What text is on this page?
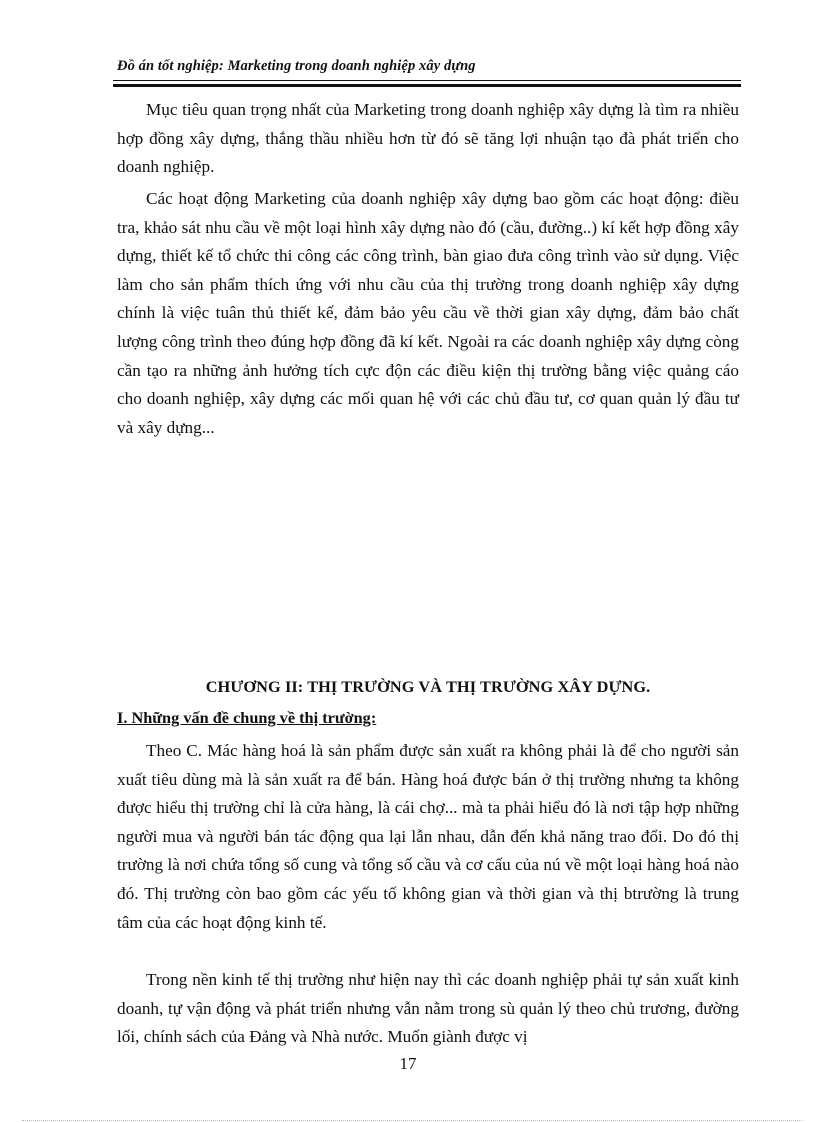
Đồ án tốt nghiệp: Marketing trong doanh nghiệp xây dựng

Mục tiêu quan trọng nhất của Marketing trong doanh nghiệp xây dựng là tìm ra nhiều hợp đồng xây dựng, thắng thầu nhiều hơn từ đó sẽ tăng lợi nhuận tạo đà phát triển cho doanh nghiệp.

Các hoạt động Marketing của doanh nghiệp xây dựng bao gồm các hoạt động: điều tra, khảo sát nhu cầu về một loại hình xây dựng nào đó (cầu, đường..) kí kết hợp đồng xây dựng, thiết kế tổ chức thi công các công trình, bàn giao đưa công trình vào sử dụng. Việc làm cho sản phẩm thích ứng với nhu cầu của thị trường trong doanh nghiệp xây dựng chính là việc tuân thủ thiết kế, đảm bảo yêu cầu về thời gian xây dựng, đảm bảo chất lượng công trình theo đúng hợp đồng đã kí kết. Ngoài ra các doanh nghiệp xây dựng còng cần tạo ra những ảnh hưởng tích cực độn các điều kiện thị trường bằng việc quảng cáo cho doanh nghiệp, xây dựng các mối quan hệ với các chủ đầu tư, cơ quan quản lý đầu tư và xây dựng...

CHƯƠNG II: THỊ TRƯỜNG VÀ THỊ TRƯỜNG XÂY DỰNG.
I. Những vấn đề chung về thị trường:

Theo C. Mác hàng hoá là sản phẩm được sản xuất ra không phải là để cho người sản xuất tiêu dùng mà là sản xuất ra để bán. Hàng hoá được bán ở thị trường nhưng ta không được hiểu thị trường chỉ là cửa hàng, là cái chợ... mà ta phải hiểu đó là nơi tập hợp những người mua và người bán tác động qua lại lẫn nhau, dẫn đến khả năng trao đổi. Do đó thị trường là nơi chứa tổng số cung và tổng số cầu và cơ cấu của nú về một loại hàng hoá nào đó. Thị trường còn bao gồm các yếu tố không gian và thời gian và thị btrường là trung tâm của các hoạt động kinh tế.

Trong nền kinh tế thị trường như hiện nay thì các doanh nghiệp phải tự sản xuất kinh doanh, tự vận động và phát triển nhưng vẫn nằm trong sù quản lý theo chủ trương, đường lối, chính sách của Đảng và Nhà nước. Muốn giành được vị

17
